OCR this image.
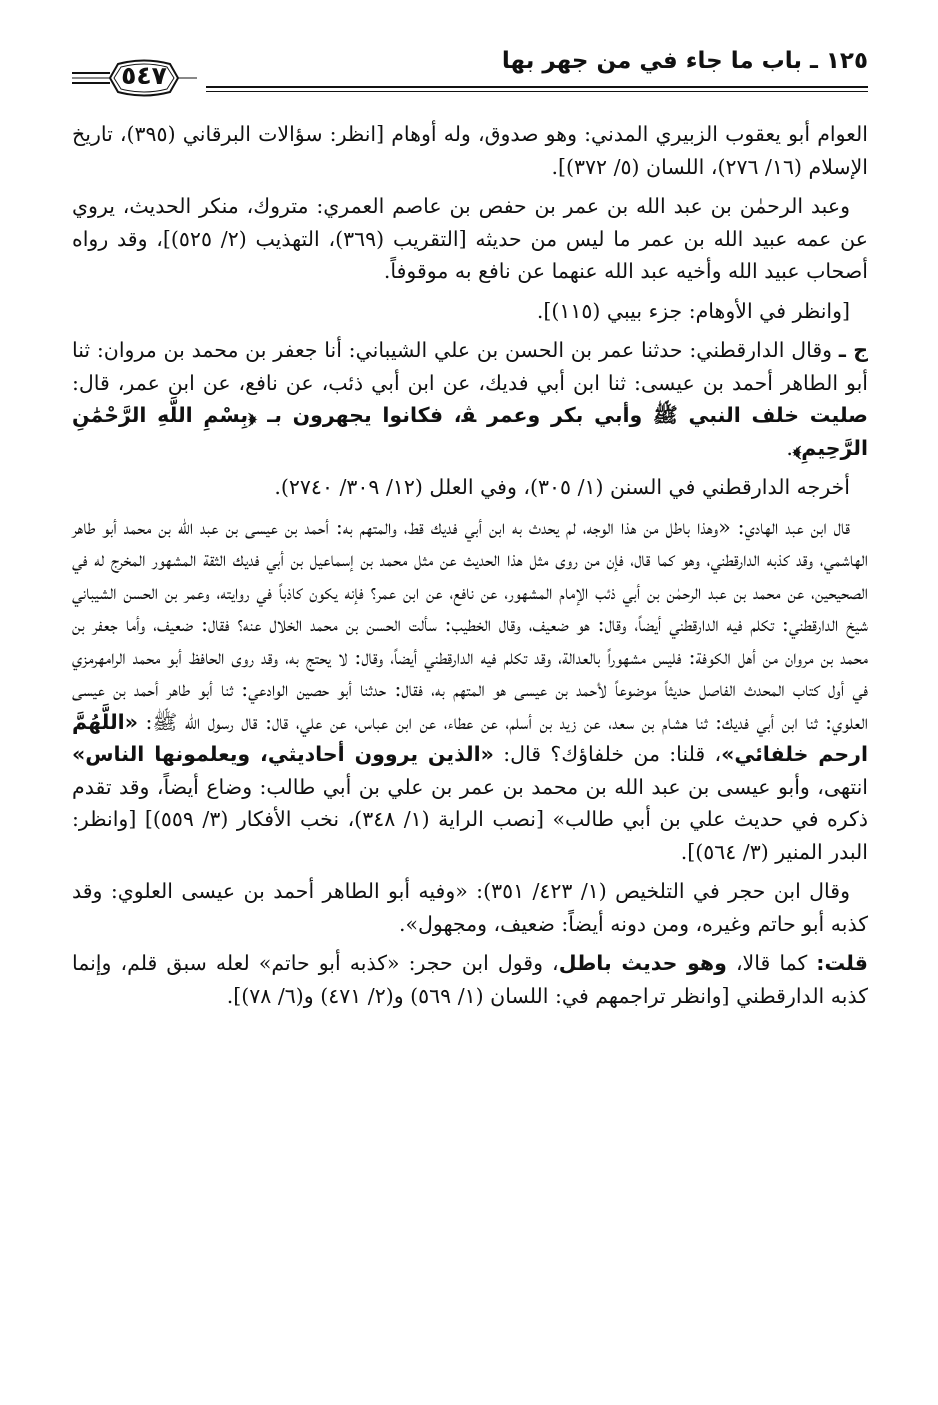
١٢٥ ـ باب ما جاء في من جهر بها
٥٤٧

العوام أبو يعقوب الزبيري المدني: وهو صدوق، وله أوهام [انظر: سؤالات البرقاني (٣٩٥)، تاريخ الإسلام (١٦/ ٢٧٦)، اللسان (٥/ ٣٧٢)].

وعبد الرحمٰن بن عبد الله بن عمر بن حفص بن عاصم العمري: متروك، منكر الحديث، يروي عن عمه عبيد الله بن عمر ما ليس من حديثه [التقريب (٣٦٩)، التهذيب (٢/ ٥٢٥)]، وقد رواه أصحاب عبيد الله وأخيه عبد الله عنهما عن نافع به موقوفاً.

[وانظر في الأوهام: جزء بيبي (١١٥)].

ج ـ وقال الدارقطني: حدثنا عمر بن الحسن بن علي الشيباني: أنا جعفر بن محمد بن مروان: ثنا أبو الطاهر أحمد بن عيسى: ثنا ابن أبي فديك، عن ابن أبي ذئب، عن نافع، عن ابن عمر، قال: صليت خلف النبي ﷺ وأبي بكر وعمر ﭭ، فكانوا يجهرون بـ ﴿بِسْمِ اللَّهِ الرَّحْمَٰنِ الرَّحِيمِ﴾.

أخرجه الدارقطني في السنن (١/ ٣٠٥)، وفي العلل (١٢/ ٣٠٩/ ٢٧٤٠).

قال ابن عبد الهادي: «وهذا باطل من هذا الوجه، لم يحدث به ابن أبي فديك قط، والمتهم به: أحمد بن عيسى بن عبد الله بن محمد أبو طاهر الهاشمي، وقد كذبه الدارقطني، وهو كما قال، فإن من روى مثل هذا الحديث عن مثل محمد بن إسماعيل بن أبي فديك الثقة المشهور المخرج له في الصحيحين، عن محمد بن عبد الرحمٰن بن أبي ذئب الإمام المشهور، عن نافع، عن ابن عمر؟ فإنه يكون كاذباً في روايته، وعمر بن الحسن الشيباني شيخ الدارقطني: تكلم فيه الدارقطني أيضاً، وقال: هو ضعيف، وقال الخطيب: سألت الحسن بن محمد الخلال عنه؟ فقال: ضعيف، وأما جعفر بن محمد بن مروان من أهل الكوفة: فليس مشهوراً بالعدالة، وقد تكلم فيه الدارقطني أيضاً، وقال: لا يحتج به، وقد روى الحافظ أبو محمد الرامهرمزي في أول كتاب المحدث الفاصل حديثاً موضوعاً لأحمد بن عيسى هو المتهم به، فقال: حدثنا أبو حصين الوادعي: ثنا أبو طاهر أحمد بن عيسى العلوي: ثنا ابن أبي فديك: ثنا هشام بن سعد، عن زيد بن أسلم، عن عطاء، عن ابن عباس، عن علي، قال: قال رسول الله ﷺ: «اللَّهُمَّ ارحم خلفائي»، قلنا: من خلفاؤك؟ قال: «الذين يروون أحاديثي، ويعلمونها الناس» انتهى، وأبو عيسى بن عبد الله بن محمد بن عمر بن علي بن أبي طالب: وضاع أيضاً، وقد تقدم ذكره في حديث علي بن أبي طالب» [نصب الراية (١/ ٣٤٨)، نخب الأفكار (٣/ ٥٥٩)] [وانظر: البدر المنير (٣/ ٥٦٤)].

وقال ابن حجر في التلخيص (١/ ٤٢٣/ ٣٥١): «وفيه أبو الطاهر أحمد بن عيسى العلوي: وقد كذبه أبو حاتم وغيره، ومن دونه أيضاً: ضعيف، ومجهول».

قلت: كما قالا، وهو حديث باطل، وقول ابن حجر: «كذبه أبو حاتم» لعله سبق قلم، وإنما كذبه الدارقطني [وانظر تراجمهم في: اللسان (١/ ٥٦٩) و(٢/ ٤٧١) و(٦/ ٧٨)].
